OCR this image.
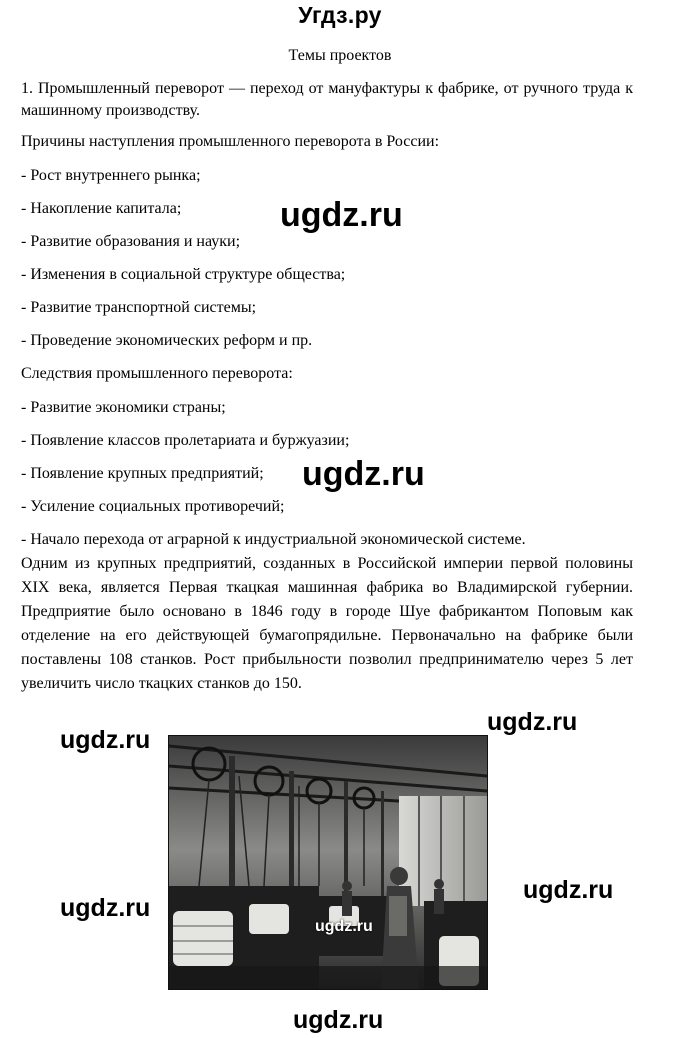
Угдз.ру
Темы проектов

1. Промышленный переворот — переход от мануфактуры к фабрике, от ручного труда к машинному производству.

Причины наступления промышленного переворота в России:

- Рост внутреннего рынка;

- Накопление капитала;

- Развитие образования и науки;

- Изменения в социальной структуре общества;

- Развитие транспортной системы;

- Проведение экономических реформ и пр.

Следствия промышленного переворота:

- Развитие экономики страны;

- Появление классов пролетариата и буржуазии;

- Появление крупных предприятий;

- Усиление социальных противоречий;

- Начало перехода от аграрной к индустриальной экономической системе.

Одним из крупных предприятий, созданных в Российской империи первой половины XIX века, является Первая ткацкая машинная фабрика во Владимирской губернии. Предприятие было основано в 1846 году в городе Шуе фабрикантом Поповым как отделение на его действующей бумагопрядильне. Первоначально на фабрике были поставлены 108 станков. Рост прибыльности позволил предпринимателю через 5 лет увеличить число ткацких станков до 150.

ugdz.ru
ugdz.ru
ugdz.ru
ugdz.ru
ugdz.ru
ugdz.ru
ugdz.ru
ugdz.ru
